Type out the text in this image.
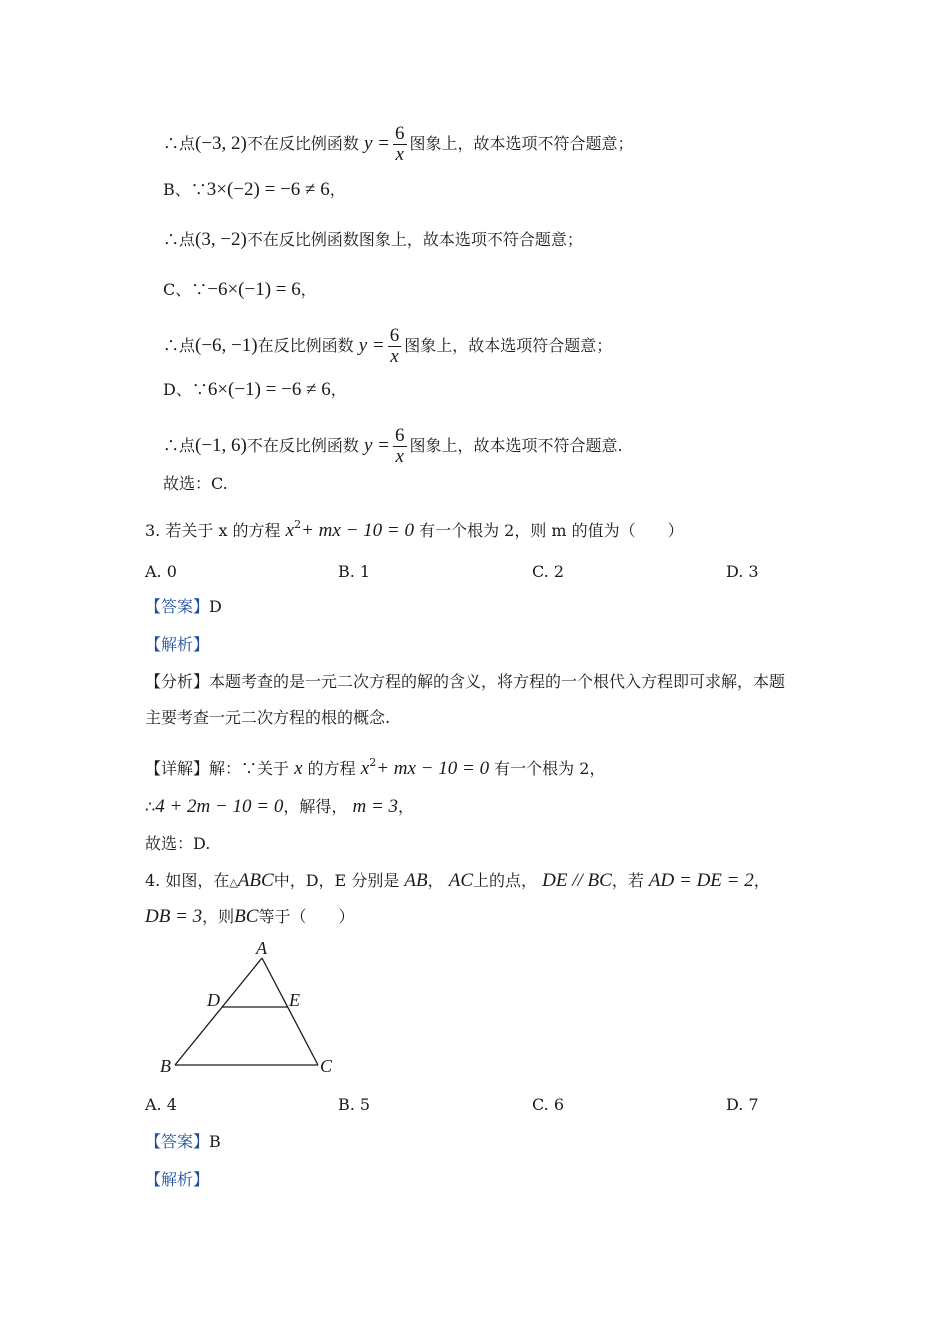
∴点(−3, 2)不在反比例函数 $y = \frac{6}{x}$ 图象上，故本选项不符合题意；
B、∵3×(−2) = −6 ≠ 6，
∴点(3, −2)不在反比例函数图象上，故本选项不符合题意；
C、∵−6×(−1) = 6，
∴点(−6, −1)在反比例函数 $y = \frac{6}{x}$ 图象上，故本选项符合题意；
D、∵6×(−1) = −6 ≠ 6，
∴点(−1, 6)不在反比例函数 $y = \frac{6}{x}$ 图象上，故本选项不符合题意.
故选：C.
3. 若关于 x 的方程 $x^2+$ mx − 10 = 0 有一个根为 2，则 m 的值为（　　）
A. 0	B. 1	C. 2	D. 3
【答案】D
【解析】
【分析】本题考查的是一元二次方程的解的含义，将方程的一个根代入方程即可求解，本题
主要考查一元二次方程的根的概念.
【详解】解：∵关于 x 的方程 $x^2+$ mx − 10 = 0 有一个根为 2，
∴4 + 2m − 10 = 0，解得， m = 3，
故选：D.
4. 如图，在△ABC中，D，E 分别是 AB， AC上的点， DE // BC，若 AD = DE = 2，
DB = 3，则BC等于（　　）
A
D	E
B	C
A. 4	B. 5	C. 6	D. 7
【答案】B
【解析】
